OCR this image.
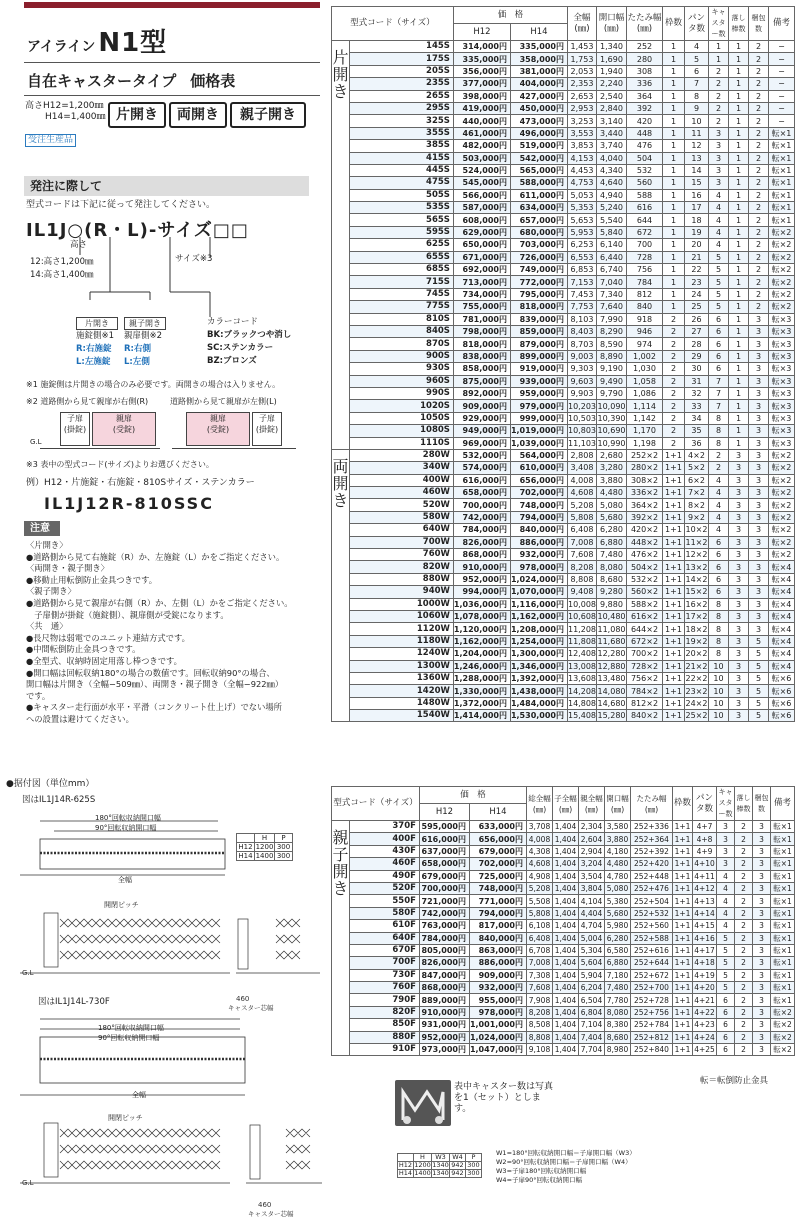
アイライン N1型
自在キャスタータイプ 価格表
高さH12=1,200㎜
H14=1,400㎜ 片開き	両開き	親子開き
受注生産品
発注に際して
型式コードは下記に従って発注してください。
IL1J○(R・L)-サイズ□□
高さ
12:高さ1,200㎜
14:高さ1,400㎜
サイズ※3
片開き	親子開き
施錠側※1
R:右施錠
L:左施錠
親扉側※2
R:右側
L:左側
カラーコード
BK:ブラックつや消し
SC:ステンカラー
BZ:ブロンズ
※1 施錠側は片開きの場合のみ必要です。両開きの場合は入りません。
※2 道路側から見て親扉が右側(R)	道路側から見て親扉が左側(L)
子扉
(掛錠)
親扉
(受錠)
G.L
親扉
(受錠)
子扉
(掛錠)
※3 表中の型式コード(サイズ)よりお選びください。
例）H12・片施錠・右施錠・810Sサイズ・ステンカラー
IL1J12R-810SSC
注意
〈片開き〉
●道路側から見て右施錠（R）か、左施錠（L）かをご指定ください。
〈両開き・親子開き〉
●移動止用転倒防止金具つきです。
〈親子開き〉
●道路側から見て親扉が右側（R）か、左側（L）かをご指定ください。
　子扉側が掛錠（施錠側）、親扉側が受錠になります。
〈共　通〉
●長尺物は弱電でのユニット連結方式です。
●中間転倒防止金具つきです。
●全型式、収納時固定用落し棒つきです。
●開口幅は回転収納180°の場合の数値です。回転収納90°の場合、
開口幅は片開き（全幅−509㎜）、両開き・親子開き（全幅−922㎜）
です。
●キャスター走行面が水平・平滑（コンクリート仕上げ）でない場所
への設置は避けてください。
型式コード（サイズ）		価　格		全幅(㎜)	開口幅(㎜)	たたみ幅(㎜)	枠数	パンタ数	キャスター数	落し棒数	梱包数	備考
		H12	H14									
片開き	145S	314,000円	335,000円	1,453	1,340	252	1	4	1	1	2	−
	175S	335,000円	358,000円	1,753	1,690	280	1	5	1	1	2	−
	205S	356,000円	381,000円	2,053	1,940	308	1	6	2	1	2	−
	235S	377,000円	404,000円	2,353	2,240	336	1	7	2	1	2	−
	265S	398,000円	427,000円	2,653	2,540	364	1	8	2	1	2	−
	295S	419,000円	450,000円	2,953	2,840	392	1	9	2	1	2	−
	325S	440,000円	473,000円	3,253	3,140	420	1	10	2	1	2	−
	355S	461,000円	496,000円	3,553	3,440	448	1	11	3	1	2	転×1
	385S	482,000円	519,000円	3,853	3,740	476	1	12	3	1	2	転×1
	415S	503,000円	542,000円	4,153	4,040	504	1	13	3	1	2	転×1
	445S	524,000円	565,000円	4,453	4,340	532	1	14	3	1	2	転×1
	475S	545,000円	588,000円	4,753	4,640	560	1	15	3	1	2	転×1
	505S	566,000円	611,000円	5,053	4,940	588	1	16	4	1	2	転×1
	535S	587,000円	634,000円	5,353	5,240	616	1	17	4	1	2	転×1
	565S	608,000円	657,000円	5,653	5,540	644	1	18	4	1	2	転×1
	595S	629,000円	680,000円	5,953	5,840	672	1	19	4	1	2	転×2
	625S	650,000円	703,000円	6,253	6,140	700	1	20	4	1	2	転×2
	655S	671,000円	726,000円	6,553	6,440	728	1	21	5	1	2	転×2
	685S	692,000円	749,000円	6,853	6,740	756	1	22	5	1	2	転×2
	715S	713,000円	772,000円	7,153	7,040	784	1	23	5	1	2	転×2
	745S	734,000円	795,000円	7,453	7,340	812	1	24	5	1	2	転×2
	775S	755,000円	818,000円	7,753	7,640	840	1	25	5	1	2	転×2
	810S	781,000円	839,000円	8,103	7,990	918	2	26	6	1	3	転×3
	840S	798,000円	859,000円	8,403	8,290	946	2	27	6	1	3	転×3
	870S	818,000円	879,000円	8,703	8,590	974	2	28	6	1	3	転×3
	900S	838,000円	899,000円	9,003	8,890	1,002	2	29	6	1	3	転×3
	930S	858,000円	919,000円	9,303	9,190	1,030	2	30	6	1	3	転×3
	960S	875,000円	939,000円	9,603	9,490	1,058	2	31	7	1	3	転×3
	990S	892,000円	959,000円	9,903	9,790	1,086	2	32	7	1	3	転×3
	1020S	909,000円	979,000円	10,203	10,090	1,114	2	33	7	1	3	転×3
	1050S	929,000円	999,000円	10,503	10,390	1,142	2	34	8	1	3	転×3
	1080S	949,000円	1,019,000円	10,803	10,690	1,170	2	35	8	1	3	転×3
	1110S	969,000円	1,039,000円	11,103	10,990	1,198	2	36	8	1	3	転×3
両開き	280W	532,000円	564,000円	2,808	2,680	252×2	1+1	4×2	2	3	3	転×2
	340W	574,000円	610,000円	3,408	3,280	280×2	1+1	5×2	2	3	3	転×2
	400W	616,000円	656,000円	4,008	3,880	308×2	1+1	6×2	4	3	3	転×2
	460W	658,000円	702,000円	4,608	4,480	336×2	1+1	7×2	4	3	3	転×2
	520W	700,000円	748,000円	5,208	5,080	364×2	1+1	8×2	4	3	3	転×2
	580W	742,000円	794,000円	5,808	5,680	392×2	1+1	9×2	4	3	3	転×2
	640W	784,000円	840,000円	6,408	6,280	420×2	1+1	10×2	4	3	3	転×2
	700W	826,000円	886,000円	7,008	6,880	448×2	1+1	11×2	6	3	3	転×2
	760W	868,000円	932,000円	7,608	7,480	476×2	1+1	12×2	6	3	3	転×2
	820W	910,000円	978,000円	8,208	8,080	504×2	1+1	13×2	6	3	3	転×4
	880W	952,000円	1,024,000円	8,808	8,680	532×2	1+1	14×2	6	3	3	転×4
	940W	994,000円	1,070,000円	9,408	9,280	560×2	1+1	15×2	6	3	3	転×4
	1000W	1,036,000円	1,116,000円	10,008	9,880	588×2	1+1	16×2	8	3	3	転×4
	1060W	1,078,000円	1,162,000円	10,608	10,480	616×2	1+1	17×2	8	3	3	転×4
	1120W	1,120,000円	1,208,000円	11,208	11,080	644×2	1+1	18×2	8	3	3	転×4
	1180W	1,162,000円	1,254,000円	11,808	11,680	672×2	1+1	19×2	8	3	5	転×4
	1240W	1,204,000円	1,300,000円	12,408	12,280	700×2	1+1	20×2	8	3	5	転×4
	1300W	1,246,000円	1,346,000円	13,008	12,880	728×2	1+1	21×2	10	3	5	転×4
	1360W	1,288,000円	1,392,000円	13,608	13,480	756×2	1+1	22×2	10	3	5	転×6
	1420W	1,330,000円	1,438,000円	14,208	14,080	784×2	1+1	23×2	10	3	5	転×6
	1480W	1,372,000円	1,484,000円	14,808	14,680	812×2	1+1	24×2	10	3	5	転×6
	1540W	1,414,000円	1,530,000円	15,408	15,280	840×2	1+1	25×2	10	3	5	転×6
●据付図（単位mm）
図はIL1J14R-625S
	H	P
H12	1200	300
H14	1400	300
G.L
460
キャスター芯幅
180°回転収納開口幅
90°回転収納開口幅
全幅
開閉ピッチ
図はIL1J14L-730F
G.L
460
キャスター芯幅
180°回転収納開口幅
90°回転収納開口幅
全幅
開閉ピッチ
型式コード（サイズ）		価　格		総全幅(㎜)	子全幅(㎜)	親全幅(㎜)	開口幅(㎜)	たたみ幅(㎜)	枠数	パンタ数	キャスター数	落し棒数	梱包数	備考
		H12	H14											
親子開き	370F	595,000円	633,000円	3,708	1,404	2,304	3,580	252+336	1+1	4+7	3	2	3	転×1
	400F	616,000円	656,000円	4,008	1,404	2,604	3,880	252+364	1+1	4+8	3	2	3	転×1
	430F	637,000円	679,000円	4,308	1,404	2,904	4,180	252+392	1+1	4+9	3	2	3	転×1
	460F	658,000円	702,000円	4,608	1,404	3,204	4,480	252+420	1+1	4+10	3	2	3	転×1
	490F	679,000円	725,000円	4,908	1,404	3,504	4,780	252+448	1+1	4+11	4	2	3	転×1
	520F	700,000円	748,000円	5,208	1,404	3,804	5,080	252+476	1+1	4+12	4	2	3	転×1
	550F	721,000円	771,000円	5,508	1,404	4,104	5,380	252+504	1+1	4+13	4	2	3	転×1
	580F	742,000円	794,000円	5,808	1,404	4,404	5,680	252+532	1+1	4+14	4	2	3	転×1
	610F	763,000円	817,000円	6,108	1,404	4,704	5,980	252+560	1+1	4+15	4	2	3	転×1
	640F	784,000円	840,000円	6,408	1,404	5,004	6,280	252+588	1+1	4+16	5	2	3	転×1
	670F	805,000円	863,000円	6,708	1,404	5,304	6,580	252+616	1+1	4+17	5	2	3	転×1
	700F	826,000円	886,000円	7,008	1,404	5,604	6,880	252+644	1+1	4+18	5	2	3	転×1
	730F	847,000円	909,000円	7,308	1,404	5,904	7,180	252+672	1+1	4+19	5	2	3	転×1
	760F	868,000円	932,000円	7,608	1,404	6,204	7,480	252+700	1+1	4+20	5	2	3	転×1
	790F	889,000円	955,000円	7,908	1,404	6,504	7,780	252+728	1+1	4+21	6	2	3	転×1
	820F	910,000円	978,000円	8,208	1,404	6,804	8,080	252+756	1+1	4+22	6	2	3	転×2
	850F	931,000円	1,001,000円	8,508	1,404	7,104	8,380	252+784	1+1	4+23	6	2	3	転×2
	880F	952,000円	1,024,000円	8,808	1,404	7,404	8,680	252+812	1+1	4+24	6	2	3	転×2
	910F	973,000円	1,047,000円	9,108	1,404	7,704	8,980	252+840	1+1	4+25	6	2	3	転×2
転＝転倒防止金具
表中キャスター数は写真を1（セット）とします。
	H	W3	W4	P
H12	1200	1340	942	300
H14	1400	1340	942	300
W1=180°回転収納開口幅＝子扉開口幅（W3）
W2=90°回転収納開口幅＝子扉開口幅（W4）
W3=子扉180°回転収納開口幅
W4=子扉90°回転収納開口幅
